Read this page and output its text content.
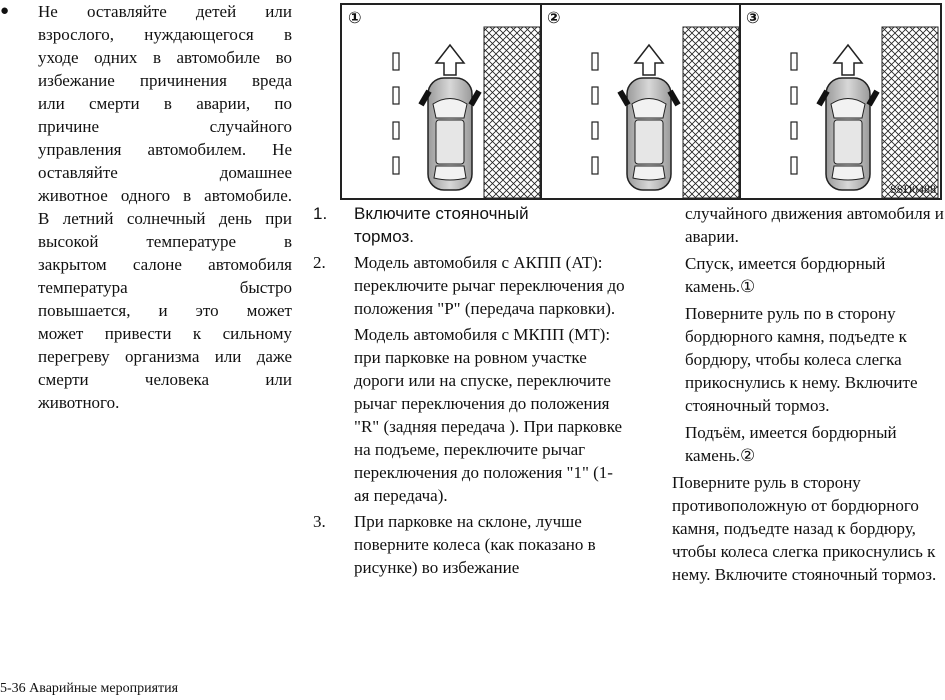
● Не оставляйте детей или
взрослого, нуждающегося в
уходе одних в автомобиле во
избежание причинения вреда
или смерти в аварии, по
причине случайного
управления автомобилем. Не
оставляйте домашнее
животное одного в автомобиле.
В летний солнечный день при
высокой температуре в
закрытом салоне автомобиля
температура быстро
повышается, и это может
может привести к сильному
перегреву организма или даже
смерти человека или
животного.
①	②	③
SSD0488
1. Включите стояночный тормоз.
2. Модель автомобиля с АКПП (AT): переключите рычаг переключения до положения "P" (передача парковки).
Модель автомобиля с МКПП (MT): при парковке на ровном участке дороги или на спуске, переключите рычаг переключения до положения "R" (задняя передача ). При парковке на подъеме, переключите рычаг переключения до положения "1" (1-ая передача).
3. При парковке на склоне, лучше поверните колеса (как показано в рисунке) во избежание
случайного движения автомобиля и аварии.
Спуск, имеется бордюрный камень.①
Поверните руль по в сторону бордюрного камня, подъедте к бордюру, чтобы колеса слегка прикоснулись к нему. Включите стояночный тормоз.
Подъём, имеется бордюрный камень.②
Поверните руль в сторону противоположную от бордюрного камня, подъедте назад к бордюру, чтобы колеса слегка прикоснулись к нему. Включите стояночный тормоз.
5-36 Аварийные мероприятия
